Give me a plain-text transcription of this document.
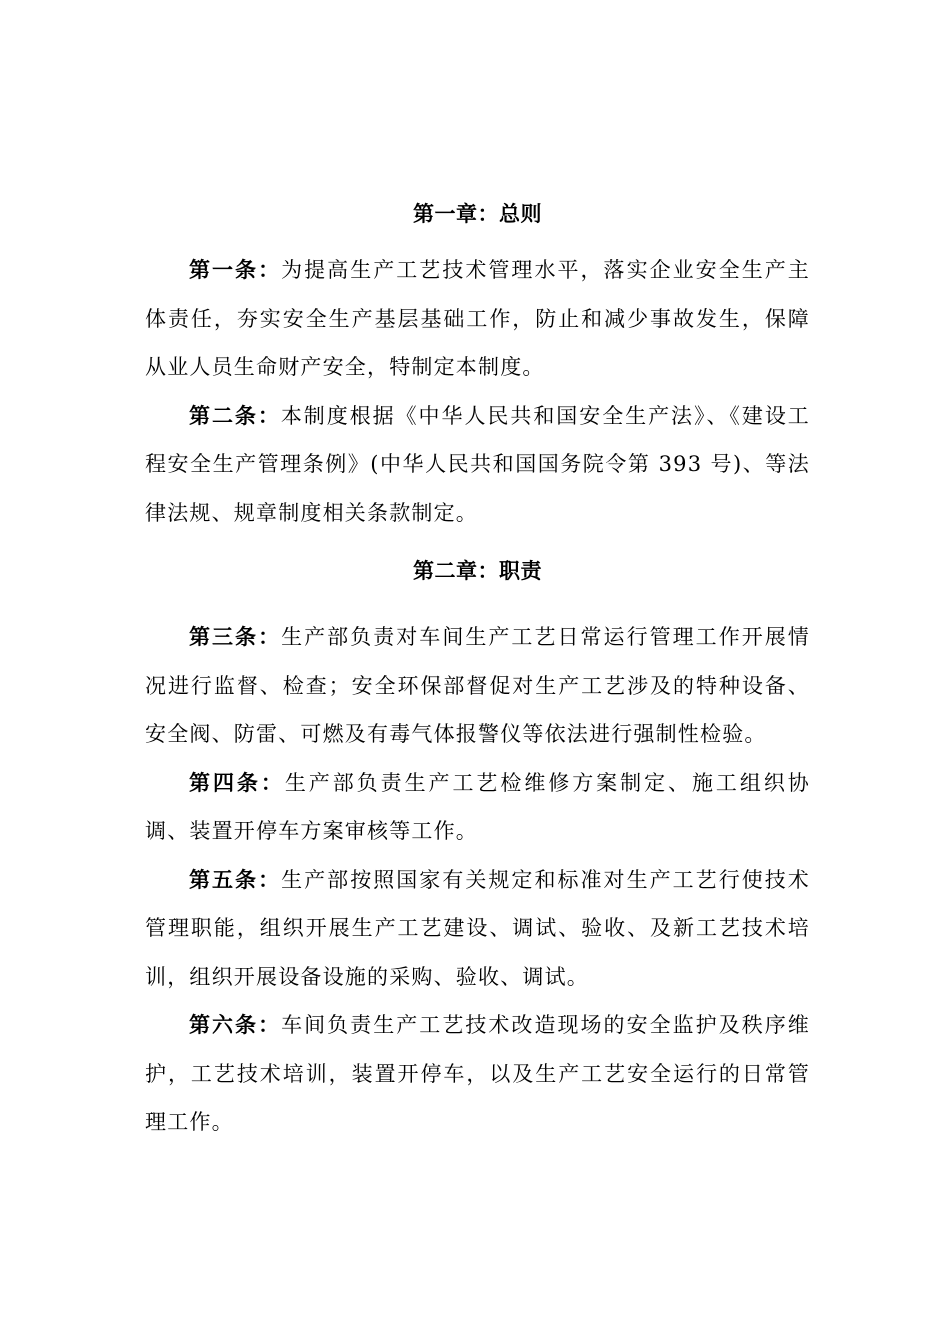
第一章：总则

第一条：为提高生产工艺技术管理水平，落实企业安全生产主体责任，夯实安全生产基层基础工作，防止和减少事故发生，保障从业人员生命财产安全，特制定本制度。

第二条：本制度根据《中华人民共和国安全生产法》、《建设工程安全生产管理条例》(中华人民共和国国务院令第 393 号)、等法律法规、规章制度相关条款制定。

第二章：职责

第三条：生产部负责对车间生产工艺日常运行管理工作开展情况进行监督、检查；安全环保部督促对生产工艺涉及的特种设备、安全阀、防雷、可燃及有毒气体报警仪等依法进行强制性检验。

第四条：生产部负责生产工艺检维修方案制定、施工组织协调、装置开停车方案审核等工作。

第五条：生产部按照国家有关规定和标准对生产工艺行使技术管理职能，组织开展生产工艺建设、调试、验收、及新工艺技术培训，组织开展设备设施的采购、验收、调试。

第六条：车间负责生产工艺技术改造现场的安全监护及秩序维护，工艺技术培训，装置开停车，以及生产工艺安全运行的日常管理工作。
